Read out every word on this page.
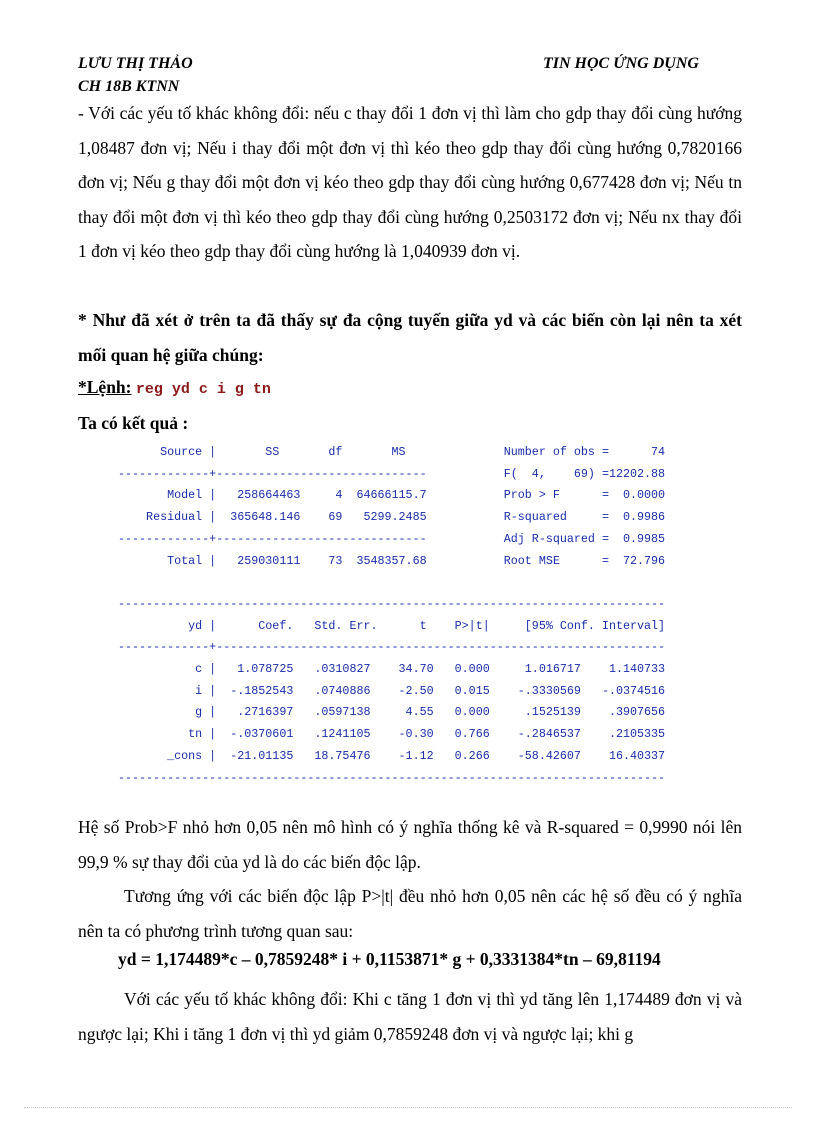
LƯU THỊ THẢO	TIN HỌC ỨNG DỤNG
CH 18B KTNN
- Với các yếu tố khác không đổi: nếu c thay đổi 1 đơn vị thì làm cho gdp thay đổi cùng hướng 1,08487 đơn vị; Nếu i thay đổi một đơn vị thì kéo theo gdp thay đổi cùng hướng 0,7820166 đơn vị; Nếu g thay đổi một đơn vị kéo theo gdp thay đổi cùng hướng 0,677428 đơn vị; Nếu tn thay đổi một đơn vị thì kéo theo gdp thay đổi cùng hướng 0,2503172 đơn vị; Nếu nx thay đổi 1 đơn vị kéo theo gdp thay đổi cùng hướng là 1,040939 đơn vị.
* Như đã xét ở trên ta đã thấy sự đa cộng tuyến giữa yd và các biến còn lại nên ta xét mối quan hệ giữa chúng:
*Lệnh: reg yd c i g tn
Ta có kết quả :
Source |       SS       df       MS              Number of obs =      74
-------------+------------------------------           F(  4,    69) =12202.88
Model |   258664463     4  64666115.7           Prob > F      =  0.0000
Residual |  365648.146    69   5299.2485           R-squared     =  0.9986
-------------+------------------------------           Adj R-squared =  0.9985
Total |   259030111    73  3548357.68           Root MSE      =  72.796

------------------------------------------------------------------------------
yd |      Coef.   Std. Err.      t    P>|t|     [95% Conf. Interval]
-------------+----------------------------------------------------------------
c |   1.078725   .0310827    34.70   0.000     1.016717    1.140733
i |  -.1852543   .0740886    -2.50   0.015    -.3330569   -.0374516
g |   .2716397   .0597138     4.55   0.000     .1525139    .3907656
tn |  -.0370601   .1241105    -0.30   0.766    -.2846537    .2105335
_cons |  -21.01135   18.75476    -1.12   0.266    -58.42607    16.40337
------------------------------------------------------------------------------
Hệ số Prob>F nhỏ hơn 0,05 nên mô hình có ý nghĩa thống kê và R-squared = 0,9990 nói lên 99,9 % sự thay đổi của yd là do các biến độc lập.
Tương ứng với các biến độc lập P>|t| đều nhỏ hơn 0,05 nên các hệ số đều có ý nghĩa nên ta có phương trình tương quan sau:
yd = 1,174489*c – 0,7859248* i + 0,1153871* g + 0,3331384*tn – 69,81194
Với các yếu tố khác không đổi: Khi c tăng 1 đơn vị thì yd tăng lên 1,174489 đơn vị và ngược lại; Khi i tăng 1 đơn vị thì yd giảm 0,7859248 đơn vị và ngược lại; khi g
